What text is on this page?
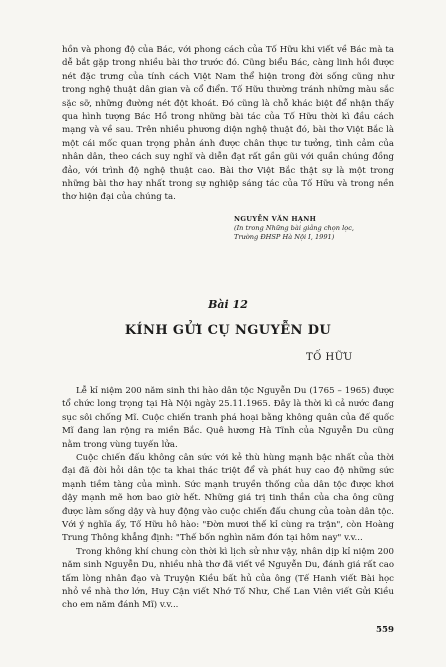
hồn và phong độ của Bác, với phong cách của Tố Hữu khi viết về Bác mà ta dễ bắt gặp trong nhiều bài thơ trước đó. Cũng biểu Bác, càng linh hồi được nét đặc trưng của tính cách Việt Nam thể hiện trong đời sống cũng như trong nghệ thuật dân gian và cổ điển. Tố Hữu thường tránh những màu sắc sặc sỡ, những đường nét đột khoát. Đó cũng là chỗ khác biệt để nhận thấy qua hình tượng Bác Hồ trong những bài tác của Tố Hữu thời kì đầu cách mạng và về sau. Trên nhiều phương diện nghệ thuật đó, bài thơ Việt Bắc là một cái mốc quan trọng phản ánh được chân thực tư tưởng, tình cảm của nhân dân, theo cách suy nghĩ và diễn đạt rất gần gũi với quần chúng đồng đảo, với trình độ nghệ thuật cao. Bài thơ Việt Bắc thật sự là một trong những bài thơ hay nhất trong sự nghiệp sáng tác của Tố Hữu và trong nền thơ hiện đại của chúng ta.

NGUYỄN VĂN HẠNH
(In trong Những bài giảng chọn lọc,
Trường ĐHSP Hà Nội I, 1991)
Bài 12
KÍNH GỬI CỤ NGUYỄN DU
TỐ HỮU

Lễ kỉ niệm 200 năm sinh thi hào dân tộc Nguyễn Du (1765 – 1965) được tổ chức long trọng tại Hà Nội ngày 25.11.1965. Đây là thời kì cả nước đang sục sôi chống Mĩ. Cuộc chiến tranh phá hoại bằng không quân của đế quốc Mĩ đang lan rộng ra miền Bắc. Quê hương Hà Tĩnh của Nguyễn Du cũng nằm trong vùng tuyến lửa.

Cuộc chiến đấu không cân sức với kẻ thù hùng mạnh bậc nhất của thời đại đã đòi hỏi dân tộc ta khai thác triệt để và phát huy cao độ những sức mạnh tiềm tàng của mình. Sức mạnh truyền thống của dân tộc được khơi dậy mạnh mẽ hơn bao giờ hết. Những giá trị tinh thần của cha ông cũng được làm sống dậy và huy động vào cuộc chiến đấu chung của toàn dân tộc. Với ý nghĩa ấy, Tố Hữu hô hào: "Đờn mươi thế kỉ cùng ra trận", còn Hoàng Trung Thông khẳng định: "Thế bốn nghìn năm đón tại hôm nay" v.v...

Trong không khí chung còn thời kì lịch sử như vậy, nhân dịp kỉ niệm 200 năm sinh Nguyễn Du, nhiều nhà thơ đã viết về Nguyễn Du, đánh giá rất cao tấm lòng nhân đạo và Truyện Kiều bất hủ của ông (Tế Hanh viết Bài học nhỏ về nhà thơ lớn, Huy Cận viết Nhớ Tố Như, Chế Lan Viên viết Gửi Kiều cho em năm đánh Mĩ) v.v...

559
